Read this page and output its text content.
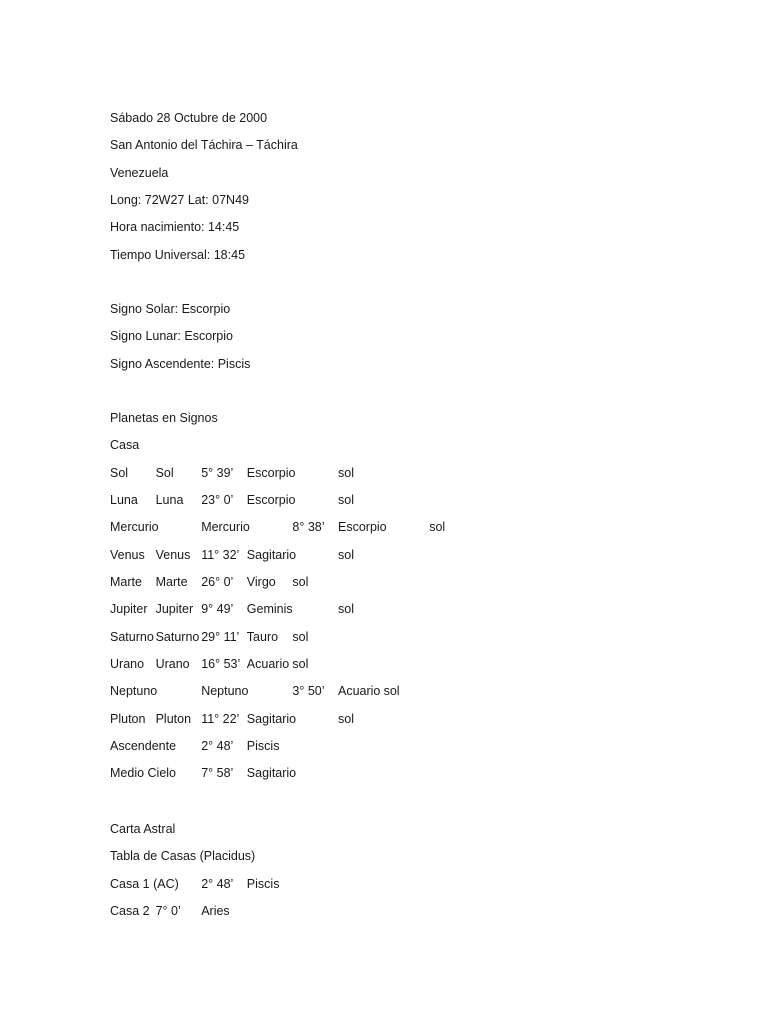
Sábado 28 Octubre de 2000
San Antonio del Táchira – Táchira
Venezuela
Long: 72W27 Lat: 07N49
Hora nacimiento: 14:45
Tiempo Universal: 18:45
Signo Solar: Escorpio
Signo Lunar: Escorpio
Signo Ascendente: Piscis
Planetas en Signos
Casa
Sol Sol 5° 39’ Escorpio	sol
Luna Luna 23° 0’ Escorpio	sol
Mercurio	Mercurio	8° 38’ Escorpio	sol
Venus Venus 11° 32’ Sagitario	sol
Marte Marte 26° 0’ Virgo sol
Jupiter Jupiter 9° 49’ Geminis	sol
Saturno Saturno 29° 11’ Tauro sol
Urano Urano 16° 53’ Acuario sol
Neptuno	Neptuno	3° 50’ Acuario sol
Pluton Pluton 11° 22’ Sagitario	sol
Ascendente 2° 48’ Piscis
Medio Cielo 7° 58’ Sagitario
Carta Astral
Tabla de Casas (Placidus)
Casa 1 (AC) 2° 48’ Piscis
Casa 2 7° 0’ Aries
